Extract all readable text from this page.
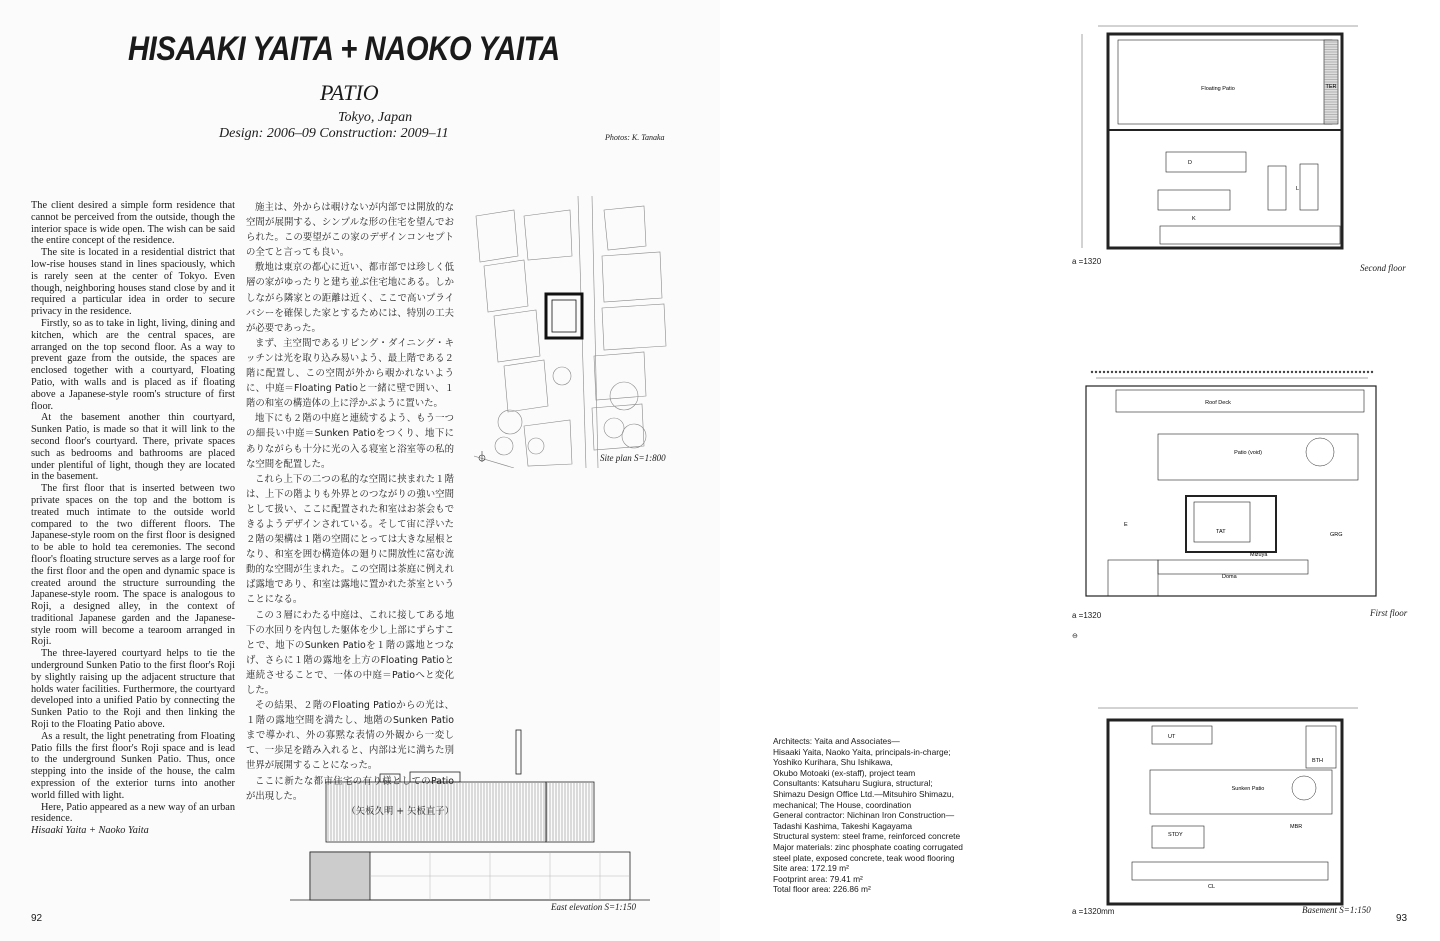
HISAAKI YAITA + NAOKO YAITA
PATIO
Tokyo, Japan
Design: 2006–09 Construction: 2009–11	Photos: K. Tanaka

The client desired a simple form residence that cannot be perceived from the outside, though the interior space is wide open. The wish can be said the entire concept of the residence.

The site is located in a residential district that low-rise houses stand in lines spaciously, which is rarely seen at the center of Tokyo. Even though, neighboring houses stand close by and it required a particular idea in order to secure privacy in the residence.

Firstly, so as to take in light, living, dining and kitchen, which are the central spaces, are arranged on the top second floor. As a way to prevent gaze from the outside, the spaces are enclosed together with a courtyard, Floating Patio, with walls and is placed as if floating above a Japanese-style room's structure of first floor.

At the basement another thin courtyard, Sunken Patio, is made so that it will link to the second floor's courtyard. There, private spaces such as bedrooms and bathrooms are placed under plentiful of light, though they are located in the basement.

The first floor that is inserted between two private spaces on the top and the bottom is treated much intimate to the outside world compared to the two different floors. The Japanese-style room on the first floor is designed to be able to hold tea ceremonies. The second floor's floating structure serves as a large roof for the first floor and the open and dynamic space is created around the structure surrounding the Japanese-style room. The space is analogous to Roji, a designed alley, in the context of traditional Japanese garden and the Japanese-style room will become a tearoom arranged in Roji.

The three-layered courtyard helps to tie the underground Sunken Patio to the first floor's Roji by slightly raising up the adjacent structure that holds water facilities. Furthermore, the courtyard developed into a unified Patio by connecting the Sunken Patio to the Roji and then linking the Roji to the Floating Patio above.

As a result, the light penetrating from Floating Patio fills the first floor's Roji space and is lead to the underground Sunken Patio. Thus, once stepping into the inside of the house, the calm expression of the exterior turns into another world filled with light.

Here, Patio appeared as a new way of an urban residence.

Hisaaki Yaita + Naoko Yaita

施主は、外からは覗けないが内部では開放的な空間が展開する、シンプルな形の住宅を望んでおられた。この要望がこの家のデザインコンセプトの全てと言っても良い。

敷地は東京の都心に近い、都市部では珍しく低層の家がゆったりと建ち並ぶ住宅地にある。しかしながら隣家との距離は近く、ここで高いプライバシーを確保した家とするためには、特別の工夫が必要であった。

まず、主空間であるリビング・ダイニング・キッチンは光を取り込み易いよう、最上階である２階に配置し、この空間が外から覗かれないように、中庭＝Floating Patioと一緒に壁で囲い、１階の和室の構造体の上に浮かぶように置いた。

地下にも２階の中庭と連続するよう、もう一つの細長い中庭＝Sunken Patioをつくり、地下にありながらも十分に光の入る寝室と浴室等の私的な空間を配置した。

これら上下の二つの私的な空間に挟まれた１階は、上下の階よりも外界とのつながりの強い空間として扱い、ここに配置された和室はお茶会もできるようデザインされている。そして宙に浮いた２階の架構は１階の空間にとっては大きな屋根となり、和室を囲む構造体の廻りに開放性に富む流動的な空間が生まれた。この空間は茶庭に例えれば露地であり、和室は露地に置かれた茶室ということになる。

この３層にわたる中庭は、これに接してある地下の水回りを内包した躯体を少し上部にずらすことで、地下のSunken Patioを１階の露地とつなげ、さらに１階の露地を上方のFloating Patioと連続させることで、一体の中庭＝Patioへと変化した。

その結果、２階のFloating Patioからの光は、１階の露地空間を満たし、地階のSunken Patioまで導かれ、外の寡黙な表情の外観から一変して、一歩足を踏み入れると、内部は光に満ちた別世界が展開することになった。

ここに新たな都市住宅の有り様としてのPatioが出現した。

（矢板久明 + 矢板直子）

Site plan S=1:800
East elevation S=1:150
92
Floating Patio	TER
D
L
K
a =1320
Second floor
Roof Deck
Patio (void)
E
TAT	GRG
Mizuya
Doma
a =1320	First floor
⊖
UT
BTH
Sunken Patio
STDY
MBR
CL
a =1320mm	Basement S=1:150
Architects: Yaita and Associates—
Hisaaki Yaita, Naoko Yaita, principals-in-charge;
Yoshiko Kurihara, Shu Ishikawa,
Okubo Motoaki (ex-staff), project team
Consultants: Katsuharu Sugiura, structural;
Shimazu Design Office Ltd.—Mitsuhiro Shimazu,
mechanical; The House, coordination
General contractor: Nichinan Iron Construction—
Tadashi Kashima, Takeshi Kagayama
Structural system: steel frame, reinforced concrete
Major materials: zinc phosphate coating corrugated
steel plate, exposed concrete, teak wood flooring
Site area: 172.19 m²
Footprint area: 79.41 m²
Total floor area: 226.86 m²
93
